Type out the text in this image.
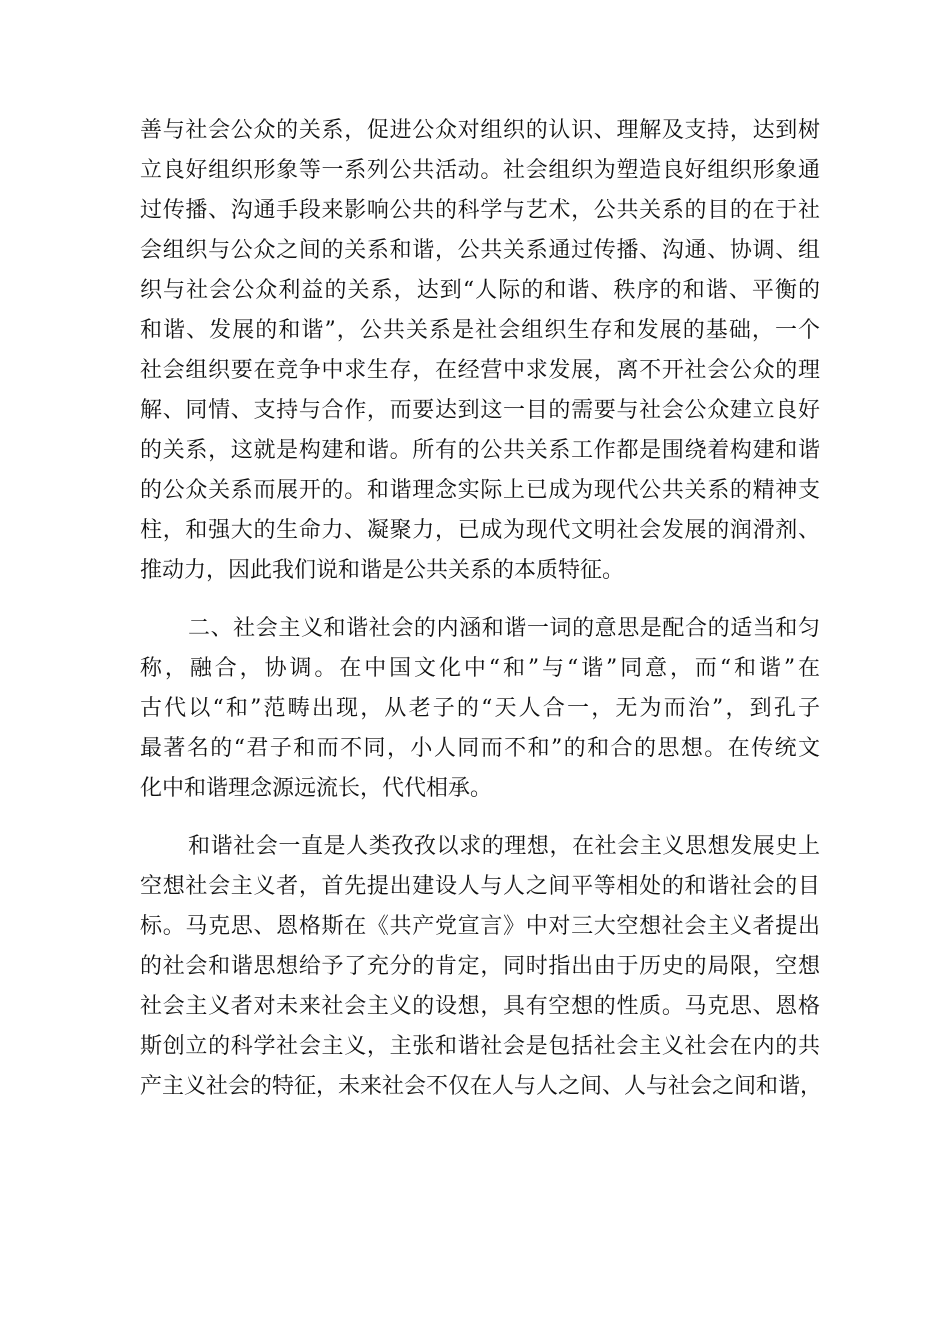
善与社会公众的关系，促进公众对组织的认识、理解及支持，达到树
立良好组织形象等一系列公共活动。社会组织为塑造良好组织形象通
过传播、沟通手段来影响公共的科学与艺术，公共关系的目的在于社
会组织与公众之间的关系和谐，公共关系通过传播、沟通、协调、组
织与社会公众利益的关系，达到“人际的和谐、秩序的和谐、平衡的
和谐、发展的和谐”，公共关系是社会组织生存和发展的基础，一个
社会组织要在竞争中求生存，在经营中求发展，离不开社会公众的理
解、同情、支持与合作，而要达到这一目的需要与社会公众建立良好
的关系，这就是构建和谐。所有的公共关系工作都是围绕着构建和谐
的公众关系而展开的。和谐理念实际上已成为现代公共关系的精神支
柱，和强大的生命力、凝聚力，已成为现代文明社会发展的润滑剂、
推动力，因此我们说和谐是公共关系的本质特征。
二、社会主义和谐社会的内涵和谐一词的意思是配合的适当和匀
称，融合，协调。在中国文化中“和”与“谐”同意，而“和谐”在
古代以“和”范畴出现，从老子的“天人合一，无为而治”，到孔子
最著名的“君子和而不同，小人同而不和”的和合的思想。在传统文
化中和谐理念源远流长，代代相承。
和谐社会一直是人类孜孜以求的理想，在社会主义思想发展史上
空想社会主义者，首先提出建设人与人之间平等相处的和谐社会的目
标。马克思、恩格斯在《共产党宣言》中对三大空想社会主义者提出
的社会和谐思想给予了充分的肯定，同时指出由于历史的局限，空想
社会主义者对未来社会主义的设想，具有空想的性质。马克思、恩格
斯创立的科学社会主义，主张和谐社会是包括社会主义社会在内的共
产主义社会的特征，未来社会不仅在人与人之间、人与社会之间和谐，
